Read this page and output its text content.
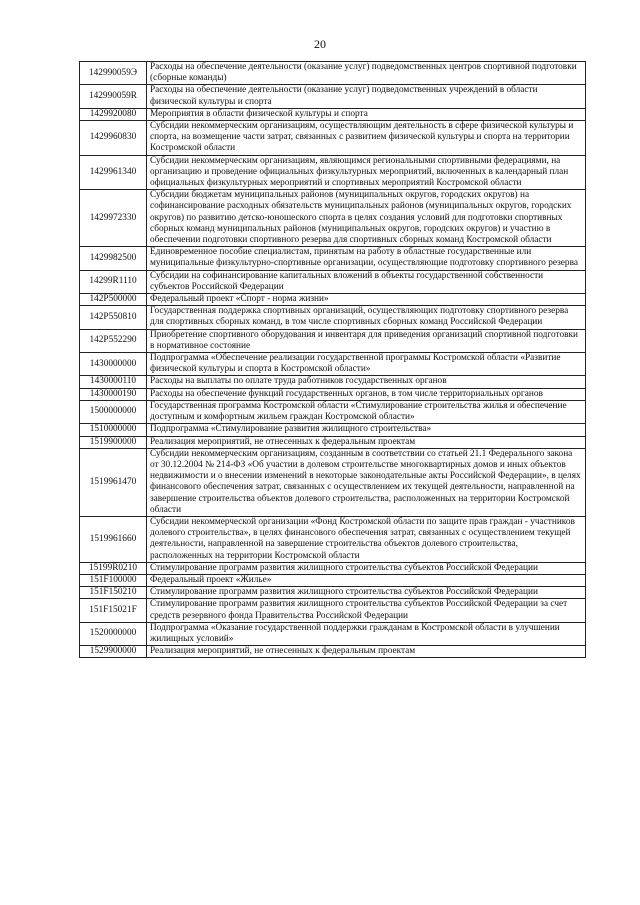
20
142990059Э	Расходы на обеспечение деятельности (оказание услуг) подведомственных центров спортивной подготовки (сборные команды)
142990059R	Расходы на обеспечение деятельности (оказание услуг) подведомственных учреждений в области физической культуры и спорта
1429920080	Мероприятия в области физической культуры и спорта
1429960830	Субсидии некоммерческим организациям, осуществляющим деятельность в сфере физической культуры и спорта, на возмещение части затрат, связанных с развитием физической культуры и спорта на территории Костромской области
1429961340	Субсидии некоммерческим организациям, являющимся региональными спортивными федерациями, на организацию и проведение официальных физкультурных мероприятий, включенных в календарный план официальных физкультурных мероприятий и спортивных мероприятий Костромской области
1429972330	Субсидии бюджетам муниципальных районов (муниципальных округов, городских округов) на софинансирование расходных обязательств муниципальных районов (муниципальных округов, городских округов) по развитию детско-юношеского спорта в целях создания условий для подготовки спортивных сборных команд муниципальных районов (муниципальных округов, городских округов) и участию в обеспечении подготовки спортивного резерва для спортивных сборных команд Костромской области
1429982500	Единовременное пособие специалистам, принятым на работу в областные государственные или муниципальные физкультурно-спортивные организации, осуществляющие подготовку спортивного резерва
14299R1110	Субсидии на софинансирование капитальных вложений в объекты государственной собственности субъектов Российской Федерации
142P500000	Федеральный проект «Спорт - норма жизни»
142P550810	Государственная поддержка спортивных организаций, осуществляющих подготовку спортивного резерва для спортивных сборных команд, в том числе спортивных сборных команд Российской Федерации
142P552290	Приобретение спортивного оборудования и инвентаря для приведения организаций спортивной подготовки в нормативное состояние
1430000000	Подпрограмма «Обеспечение реализации государственной программы Костромской области «Развитие физической культуры и спорта в Костромской области»
1430000110	Расходы на выплаты по оплате труда работников государственных органов
1430000190	Расходы на обеспечение функций государственных органов, в том числе территориальных органов
1500000000	Государственная программа Костромской области «Стимулирование строительства жилья и обеспечение доступным и комфортным жильем граждан Костромской области»
1510000000	Подпрограмма «Стимулирование развития жилищного строительства»
1519900000	Реализация мероприятий, не отнесенных к федеральным проектам
1519961470	Субсидии некоммерческим организациям, созданным в соответствии со статьей 21.1 Федерального закона от 30.12.2004 № 214-ФЗ «Об участии в долевом строительстве многоквартирных домов и иных объектов недвижимости и о внесении изменений в некоторые законодательные акты Российской Федерации», в целях финансового обеспечения затрат, связанных с осуществлением их текущей деятельности, направленной на завершение строительства объектов долевого строительства, расположенных на территории Костромской области
1519961660	Субсидии некоммерческой организации «Фонд Костромской области по защите прав граждан - участников долевого строительства», в целях финансового обеспечения затрат, связанных с осуществлением текущей деятельности, направленной на завершение строительства объектов долевого строительства, расположенных на территории Костромской области
15199R0210	Стимулирование программ развития жилищного строительства субъектов Российской Федерации
151F100000	Федеральный проект «Жилье»
151F150210	Стимулирование программ развития жилищного строительства субъектов Российской Федерации
151F15021F	Стимулирование программ развития жилищного строительства субъектов Российской Федерации за счет средств резервного фонда Правительства Российской Федерации
1520000000	Подпрограмма «Оказание государственной поддержки гражданам в Костромской области в улучшении жилищных условий»
1529900000	Реализация мероприятий, не отнесенных к федеральным проектам
